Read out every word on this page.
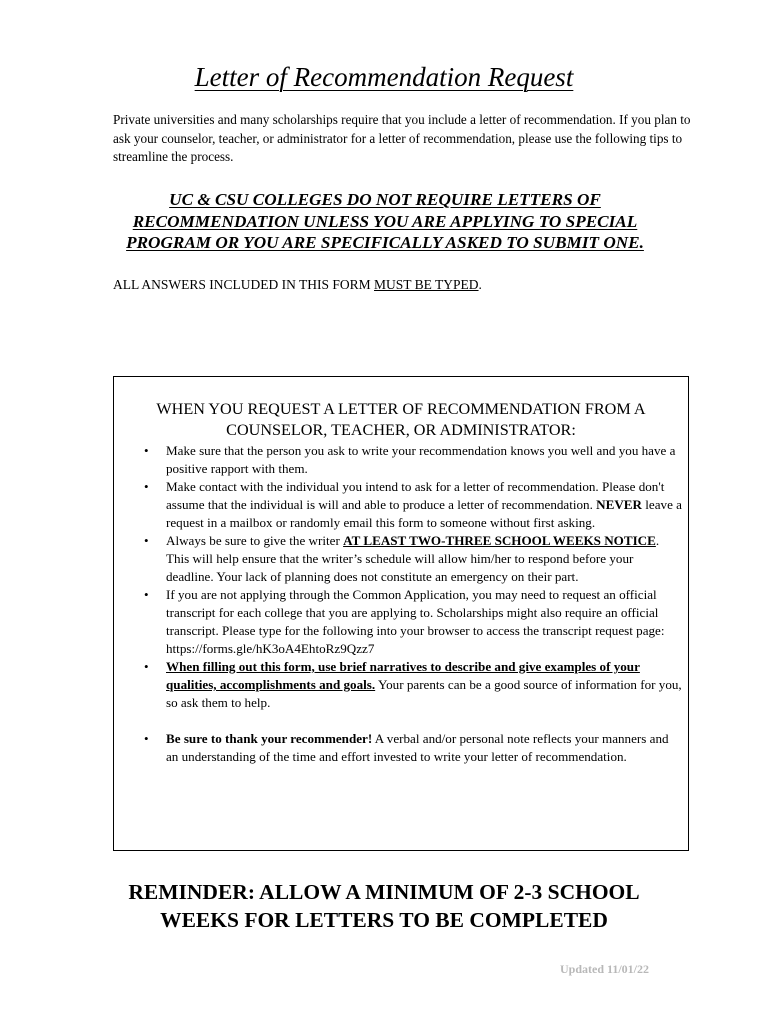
Letter of Recommendation Request
Private universities and many scholarships require that you include a letter of recommendation. If you plan to ask your counselor, teacher, or administrator for a letter of recommendation, please use the following tips to streamline the process.
UC & CSU COLLEGES DO NOT REQUIRE LETTERS OF RECOMMENDATION UNLESS YOU ARE APPLYING TO SPECIAL PROGRAM OR YOU ARE SPECIFICALLY ASKED TO SUBMIT ONE.
ALL ANSWERS INCLUDED IN THIS FORM MUST BE TYPED.
WHEN YOU REQUEST A LETTER OF RECOMMENDATION FROM A COUNSELOR, TEACHER, OR ADMINISTRATOR:
• Make sure that the person you ask to write your recommendation knows you well and you have a positive rapport with them.
• Make contact with the individual you intend to ask for a letter of recommendation. Please don't assume that the individual is will and able to produce a letter of recommendation. NEVER leave a request in a mailbox or randomly email this form to someone without first asking.
• Always be sure to give the writer AT LEAST TWO-THREE SCHOOL WEEKS NOTICE. This will help ensure that the writer’s schedule will allow him/her to respond before your deadline. Your lack of planning does not constitute an emergency on their part.
• If you are not applying through the Common Application, you may need to request an official transcript for each college that you are applying to. Scholarships might also require an official transcript. Please type for the following into your browser to access the transcript request page: https://forms.gle/hK3oA4EhtoRz9Qzz7
• When filling out this form, use brief narratives to describe and give examples of your qualities, accomplishments and goals. Your parents can be a good source of information for you, so ask them to help.
• Be sure to thank your recommender! A verbal and/or personal note reflects your manners and an understanding of the time and effort invested to write your letter of recommendation.
REMINDER: ALLOW A MINIMUM OF 2-3 SCHOOL WEEKS FOR LETTERS TO BE COMPLETED
Updated 11/01/22
